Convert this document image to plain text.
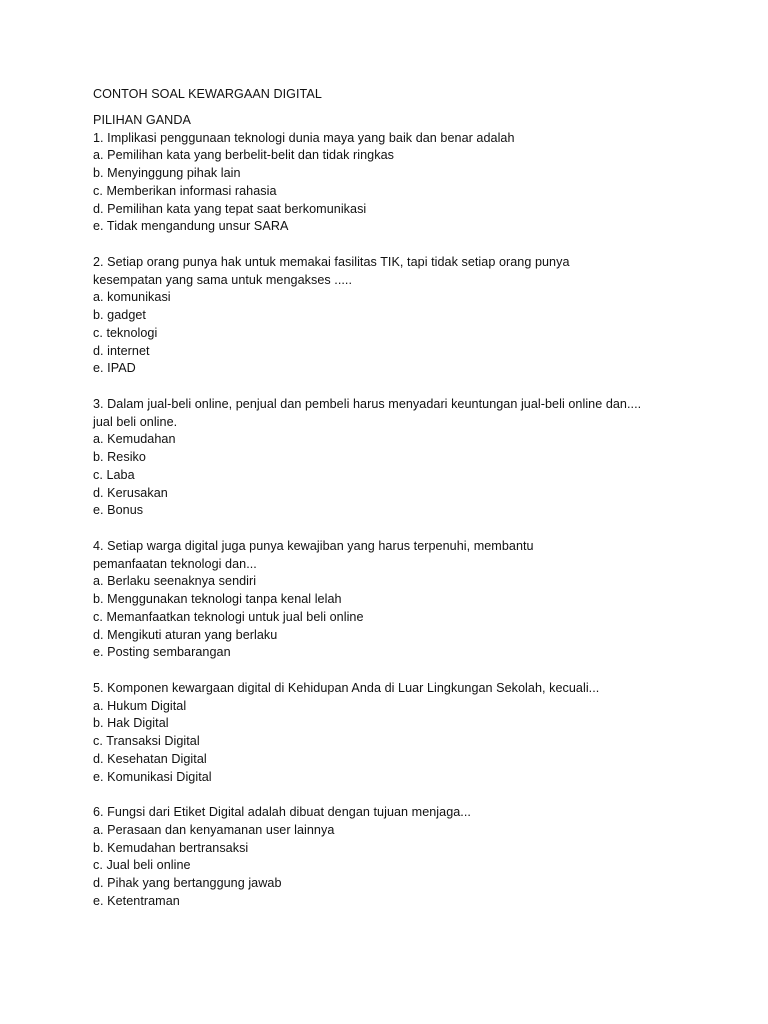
CONTOH SOAL KEWARGAAN DIGITAL
PILIHAN GANDA

1. Implikasi penggunaan teknologi dunia maya yang baik dan benar adalah

a. Pemilihan kata yang berbelit-belit dan tidak ringkas
b. Menyinggung pihak lain
c. Memberikan informasi rahasia
d. Pemilihan kata yang tepat saat berkomunikasi
e. Tidak mengandung unsur SARA

2. Setiap orang punya hak untuk memakai fasilitas TIK, tapi tidak setiap orang punya
kesempatan yang sama untuk mengakses .....

a. komunikasi
b. gadget
c. teknologi
d. internet
e. IPAD

3. Dalam jual-beli online, penjual dan pembeli harus menyadari keuntungan jual-beli online dan....
jual beli online.

a. Kemudahan
b. Resiko
c. Laba
d. Kerusakan
e. Bonus

4. Setiap warga digital juga punya kewajiban yang harus terpenuhi, membantu
pemanfaatan teknologi dan...

a. Berlaku seenaknya sendiri
b. Menggunakan teknologi tanpa kenal lelah
c. Memanfaatkan teknologi untuk jual beli online
d. Mengikuti aturan yang berlaku
e. Posting sembarangan

5. Komponen kewargaan digital di Kehidupan Anda di Luar Lingkungan Sekolah, kecuali...

a. Hukum Digital
b. Hak Digital
c. Transaksi Digital
d. Kesehatan Digital
e. Komunikasi Digital

6. Fungsi dari Etiket Digital adalah dibuat dengan tujuan menjaga...

a. Perasaan dan kenyamanan user lainnya
b. Kemudahan bertransaksi
c. Jual beli online
d. Pihak yang bertanggung jawab
e. Ketentraman
